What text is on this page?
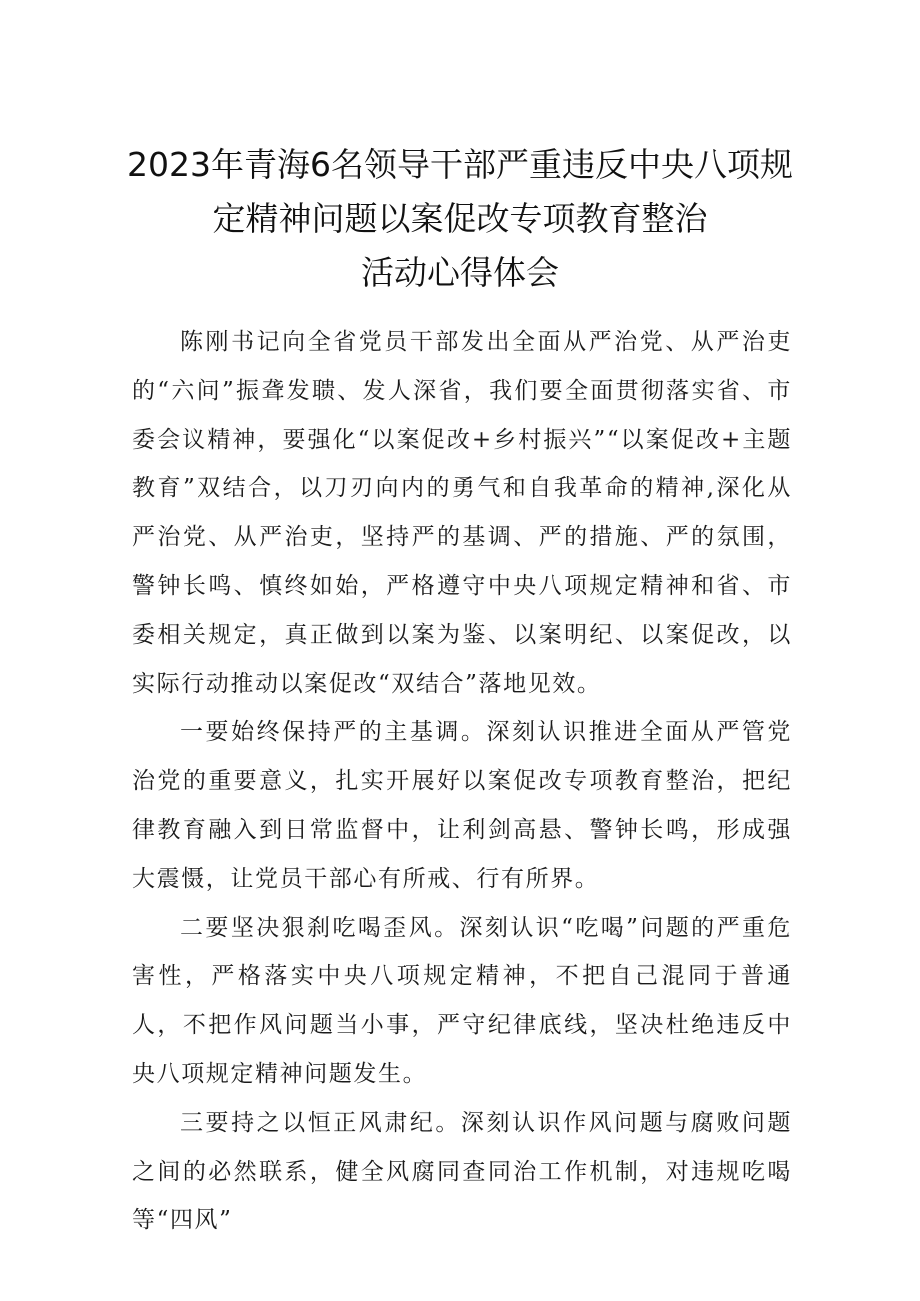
2023年青海6名领导干部严重违反中央八项规
定精神问题以案促改专项教育整治
活动心得体会

陈刚书记向全省党员干部发出全面从严治党、从严治吏的“六问”振聋发聩、发人深省，我们要全面贯彻落实省、市委会议精神，要强化“以案促改+乡村振兴”“以案促改+主题教育”双结合，以刀刃向内的勇气和自我革命的精神,深化从严治党、从严治吏，坚持严的基调、严的措施、严的氛围，警钟长鸣、慎终如始，严格遵守中央八项规定精神和省、市委相关规定，真正做到以案为鉴、以案明纪、以案促改，以实际行动推动以案促改“双结合”落地见效。

一要始终保持严的主基调。深刻认识推进全面从严管党治党的重要意义，扎实开展好以案促改专项教育整治，把纪律教育融入到日常监督中，让利剑高悬、警钟长鸣，形成强大震慑，让党员干部心有所戒、行有所界。

二要坚决狠刹吃喝歪风。深刻认识“吃喝”问题的严重危害性，严格落实中央八项规定精神，不把自己混同于普通人，不把作风问题当小事，严守纪律底线，坚决杜绝违反中央八项规定精神问题发生。

三要持之以恒正风肃纪。深刻认识作风问题与腐败问题之间的必然联系，健全风腐同查同治工作机制，对违规吃喝等“四风”
